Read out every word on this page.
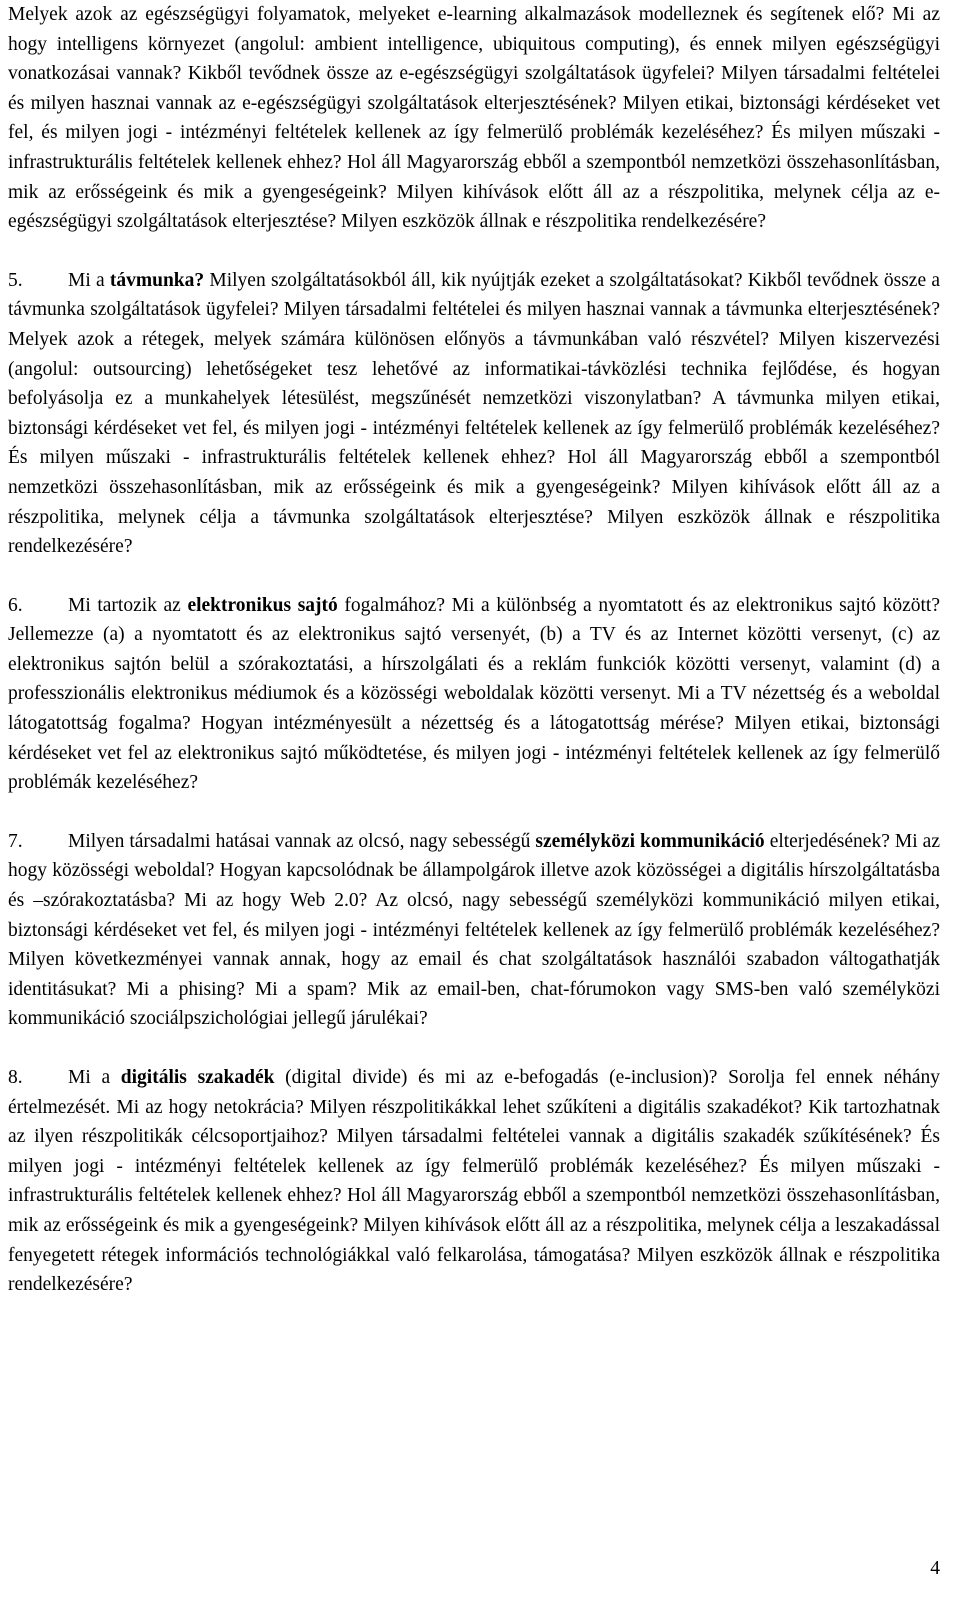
Melyek azok az egészségügyi folyamatok, melyeket e-learning alkalmazások modelleznek és segítenek elő? Mi az hogy intelligens környezet (angolul: ambient intelligence, ubiquitous computing), és ennek milyen egészségügyi vonatkozásai vannak? Kikből tevődnek össze az e-egészségügyi szolgáltatások ügyfelei? Milyen társadalmi feltételei és milyen hasznai vannak az e-egészségügyi szolgáltatások elterjesztésének? Milyen etikai, biztonsági kérdéseket vet fel, és milyen jogi - intézményi feltételek kellenek az így felmerülő problémák kezeléséhez? És milyen műszaki - infrastrukturális feltételek kellenek ehhez? Hol áll Magyarország ebből a szempontból nemzetközi összehasonlításban, mik az erősségeink és mik a gyengeségeink? Milyen kihívások előtt áll az a részpolitika, melynek célja az e-egészségügyi szolgáltatások elterjesztése? Milyen eszközök állnak e részpolitika rendelkezésére?

5. Mi a távmunka? Milyen szolgáltatásokból áll, kik nyújtják ezeket a szolgáltatásokat? Kikből tevődnek össze a távmunka szolgáltatások ügyfelei? Milyen társadalmi feltételei és milyen hasznai vannak a távmunka elterjesztésének? Melyek azok a rétegek, melyek számára különösen előnyös a távmunkában való részvétel? Milyen kiszervezési (angolul: outsourcing) lehetőségeket tesz lehetővé az informatikai-távközlési technika fejlődése, és hogyan befolyásolja ez a munkahelyek létesülést, megszűnését nemzetközi viszonylatban? A távmunka milyen etikai, biztonsági kérdéseket vet fel, és milyen jogi - intézményi feltételek kellenek az így felmerülő problémák kezeléséhez? És milyen műszaki - infrastrukturális feltételek kellenek ehhez? Hol áll Magyarország ebből a szempontból nemzetközi összehasonlításban, mik az erősségeink és mik a gyengeségeink? Milyen kihívások előtt áll az a részpolitika, melynek célja a távmunka szolgáltatások elterjesztése? Milyen eszközök állnak e részpolitika rendelkezésére?

6. Mi tartozik az elektronikus sajtó fogalmához? Mi a különbség a nyomtatott és az elektronikus sajtó között? Jellemezze (a) a nyomtatott és az elektronikus sajtó versenyét, (b) a TV és az Internet közötti versenyt, (c) az elektronikus sajtón belül a szórakoztatási, a hírszolgálati és a reklám funkciók közötti versenyt, valamint (d) a professzionális elektronikus médiumok és a közösségi weboldalak közötti versenyt. Mi a TV nézettség és a weboldal látogatottság fogalma? Hogyan intézményesült a nézettség és a látogatottság mérése? Milyen etikai, biztonsági kérdéseket vet fel az elektronikus sajtó működtetése, és milyen jogi - intézményi feltételek kellenek az így felmerülő problémák kezeléséhez?

7. Milyen társadalmi hatásai vannak az olcsó, nagy sebességű személyközi kommunikáció elterjedésének? Mi az hogy közösségi weboldal? Hogyan kapcsolódnak be állampolgárok illetve azok közösségei a digitális hírszolgáltatásba és –szórakoztatásba? Mi az hogy Web 2.0? Az olcsó, nagy sebességű személyközi kommunikáció milyen etikai, biztonsági kérdéseket vet fel, és milyen jogi - intézményi feltételek kellenek az így felmerülő problémák kezeléséhez? Milyen következményei vannak annak, hogy az email és chat szolgáltatások használói szabadon váltogathatják identitásukat? Mi a phising? Mi a spam? Mik az email-ben, chat-fórumokon vagy SMS-ben való személyközi kommunikáció szociálpszichológiai jellegű járulékai?

8. Mi a digitális szakadék (digital divide) és mi az e-befogadás (e-inclusion)? Sorolja fel ennek néhány értelmezését. Mi az hogy netokrácia? Milyen részpolitikákkal lehet szűkíteni a digitális szakadékot? Kik tartozhatnak az ilyen részpolitikák célcsoportjaihoz? Milyen társadalmi feltételei vannak a digitális szakadék szűkítésének? És milyen jogi - intézményi feltételek kellenek az így felmerülő problémák kezeléséhez? És milyen műszaki - infrastrukturális feltételek kellenek ehhez? Hol áll Magyarország ebből a szempontból nemzetközi összehasonlításban, mik az erősségeink és mik a gyengeségeink? Milyen kihívások előtt áll az a részpolitika, melynek célja a leszakadással fenyegetett rétegek információs technológiákkal való felkarolása, támogatása? Milyen eszközök állnak e részpolitika rendelkezésére?

4
